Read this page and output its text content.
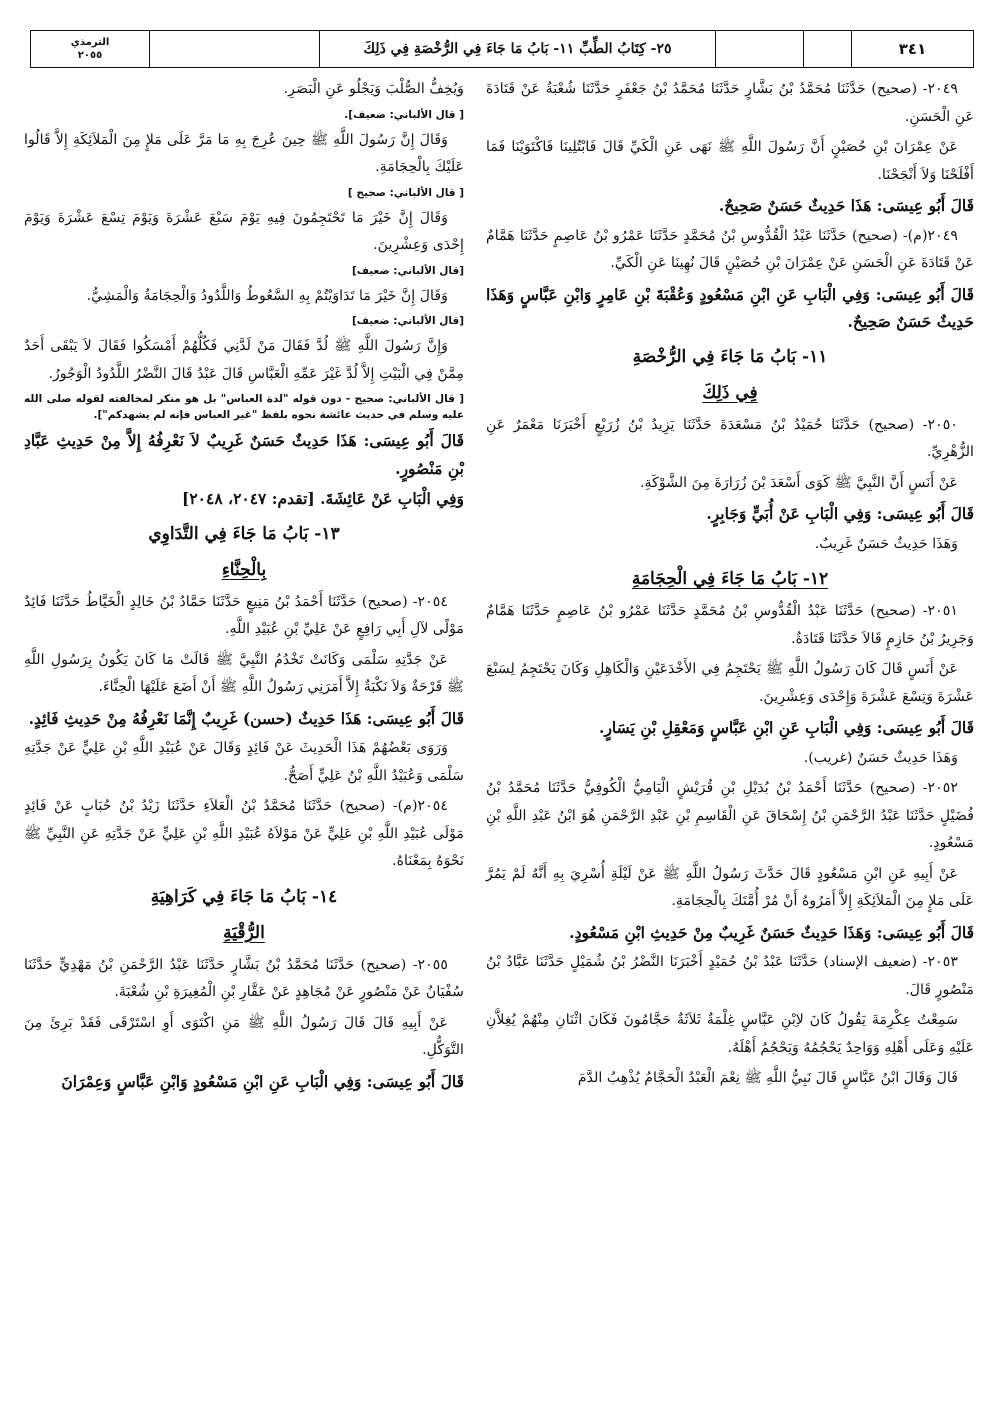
٣٤١
٢٥- كِتَابُ الطِّبِّ ١١- بَابُ مَا جَاءَ فِي الرُّخْصَةِ فِي ذَلِكَ
الترمذي
٢٠٥٥

٢٠٤٩- (صحيح) حَدَّثَنَا مُحَمَّدُ بْنُ بَشَّارٍ حَدَّثَنَا مُحَمَّدُ بْنُ جَعْفَرٍ حَدَّثَنَا شُعْبَةُ عَنْ قَتَادَةَ عَنِ الْحَسَنِ.

عَنْ عِمْرَانَ بْنِ حُصَيْنٍ أَنَّ رَسُولَ اللَّهِ ﷺ نَهَى عَنِ الْكَيِّ قَالَ فَابْتُلِينَا فَاكْتَوَيْنَا فَمَا أَفْلَحْنَا وَلاَ أَنْجَحْنَا.

قَالَ أَبُو عِيسَى: هَذَا حَدِيثٌ حَسَنٌ صَحِيحٌ.

٢٠٤٩(م)- (صحيح) حَدَّثَنَا عَبْدُ الْقُدُّوسِ بْنُ مُحَمَّدٍ حَدَّثَنَا عَمْرُو بْنُ عَاصِمٍ حَدَّثَنَا هَمَّامٌ عَنْ قَتَادَةَ عَنِ الْحَسَنِ عَنْ عِمْرَانَ بْنِ حُصَيْنٍ قَالَ نُهِينَا عَنِ الْكَيِّ.

قَالَ أَبُو عِيسَى: وَفِي الْبَابِ عَنِ ابْنِ مَسْعُودٍ وَعُقْبَةَ بْنِ عَامِرٍ وَابْنِ عَبَّاسٍ وَهَذَا حَدِيثٌ حَسَنٌ صَحِيحٌ.

١١- بَابُ مَا جَاءَ فِي الرُّخْصَةِ

فِي ذَلِكَ

٢٠٥٠- (صحيح) حَدَّثَنَا حُمَيْدُ بْنُ مَسْعَدَةَ حَدَّثَنَا يَزِيدُ بْنُ زُرَيْعٍ أَخْبَرَنَا مَعْمَرٌ عَنِ الزُّهْرِيِّ.

عَنْ أَنَسٍ أَنَّ النَّبِيَّ ﷺ كَوَى أَسْعَدَ بْنَ زُرَارَةَ مِنَ الشَّوْكَةِ.

قَالَ أَبُو عِيسَى: وَفِي الْبَابِ عَنْ أُبَيٍّ وَجَابِرٍ.

وَهَذَا حَدِيثٌ حَسَنٌ غَرِيبٌ.

١٢- بَابُ مَا جَاءَ فِي الْحِجَامَةِ

٢٠٥١- (صحيح) حَدَّثَنَا عَبْدُ الْقُدُّوسِ بْنُ مُحَمَّدٍ حَدَّثَنَا عَمْرُو بْنُ عَاصِمٍ حَدَّثَنَا هَمَّامٌ وَجَرِيرُ بْنُ حَازِمٍ قَالاَ حَدَّثَنَا قَتَادَةُ.

عَنْ أَنَسٍ قَالَ كَانَ رَسُولُ اللَّهِ ﷺ يَحْتَجِمُ فِي الأَخْدَعَيْنِ وَالْكَاهِلِ وَكَانَ يَحْتَجِمُ لِسَبْعَ عَشْرَةَ وَتِسْعَ عَشْرَةَ وَإِحْدَى وَعِشْرِينَ.

قَالَ أَبُو عِيسَى: وَفِي الْبَابِ عَنِ ابْنِ عَبَّاسٍ وَمَعْقِلِ بْنِ يَسَارٍ.

وَهَذَا حَدِيثٌ حَسَنٌ (غريب).

٢٠٥٢- (صحيح) حَدَّثَنَا أَحْمَدُ بْنُ بُدَيْلِ بْنِ قُرَيْشٍ الْيَامِيُّ الْكُوفِيُّ حَدَّثَنَا مُحَمَّدُ بْنُ فُضَيْلٍ حَدَّثَنَا عَبْدُ الرَّحْمَنِ بْنُ إِسْحَاقَ عَنِ الْقَاسِمِ بْنِ عَبْدِ الرَّحْمَنِ هُوَ ابْنُ عَبْدِ اللَّهِ بْنِ مَسْعُودٍ.

عَنْ أَبِيهِ عَنِ ابْنِ مَسْعُودٍ قَالَ حَدَّثَ رَسُولُ اللَّهِ ﷺ عَنْ لَيْلَةِ أُسْرِيَ بِهِ أَنَّهُ لَمْ يَمُرَّ عَلَى مَلإٍ مِنَ الْمَلاَئِكَةِ إِلاَّ أَمَرُوهُ أَنْ مُرْ أُمَّتَكَ بِالْحِجَامَةِ.

قَالَ أَبُو عِيسَى: وَهَذَا حَدِيثٌ حَسَنٌ غَرِيبٌ مِنْ حَدِيثِ ابْنِ مَسْعُودٍ.

٢٠٥٣- (ضعيف الإسناد) حَدَّثَنَا عَبْدُ بْنُ حُمَيْدٍ أَخْبَرَنَا النَّضْرُ بْنُ شُمَيْلٍ حَدَّثَنَا عَبَّادُ بْنُ مَنْصُورٍ قَالَ.

سَمِعْتُ عِكْرِمَةَ يَقُولُ كَانَ لاِبْنِ عَبَّاسٍ غِلْمَةٌ ثَلاَثَةٌ حَجَّامُونَ فَكَانَ اثْنَانِ مِنْهُمْ يُغِلاَّنِ عَلَيْهِ وَعَلَى أَهْلِهِ وَوَاحِدٌ يَحْجُمُهُ وَيَحْجُمُ أَهْلَهُ.

قَالَ وَقَالَ ابْنُ عَبَّاسٍ قَالَ نَبِيُّ اللَّهِ ﷺ نِعْمَ الْعَبْدُ الْحَجَّامُ يُذْهِبُ الدَّمَ

وَيُخِفُّ الصُّلْبَ وَيَجْلُو عَنِ الْبَصَرِ.

[ قال الألباني: ضعيف].

وَقَالَ إِنَّ رَسُولَ اللَّهِ ﷺ حِينَ عُرِجَ بِهِ مَا مَرَّ عَلَى مَلإٍ مِنَ الْمَلاَئِكَةِ إِلاَّ قَالُوا عَلَيْكَ بِالْحِجَامَةِ.

[ قال الألباني: صحيح ]

وَقَالَ إِنَّ خَيْرَ مَا تَحْتَجِمُونَ فِيهِ يَوْمَ سَبْعَ عَشْرَةَ وَيَوْمَ تِسْعَ عَشْرَةَ وَيَوْمَ إِحْدَى وَعِشْرِينَ.

[قال الألباني: ضعيف]

وَقَالَ إِنَّ خَيْرَ مَا تَدَاوَيْتُمْ بِهِ السَّعُوطُ وَاللَّدُودُ وَالْحِجَامَةُ وَالْمَشِيُّ.

[قال الألباني: ضعيف]

وَإِنَّ رَسُولَ اللَّهِ ﷺ لُدَّ فَقَالَ مَنْ لَدَّنِي فَكُلُّهُمْ أَمْسَكُوا فَقَالَ لاَ يَبْقَى أَحَدٌ مِمَّنْ فِي الْبَيْتِ إِلاَّ لُدَّ غَيْرَ عَمِّهِ الْعَبَّاسِ قَالَ عَبْدٌ قَالَ النَّضْرُ اللَّدُودُ الْوَجُورُ.

[ قال الألباني: صحيح - دون قوله "لدة العباس" بل هو منكر لمخالفته لقوله صلى الله عليه وسلم في حديث عائشة نحوه بلفظ "غير العباس فإنه لم يشهدكم"].

قَالَ أَبُو عِيسَى: هَذَا حَدِيثٌ حَسَنٌ غَرِيبٌ لاَ نَعْرِفُهُ إِلاَّ مِنْ حَدِيثِ عَبَّادِ بْنِ مَنْصُورٍ.

وَفِي الْبَابِ عَنْ عَائِشَةَ. [تقدم: ٢٠٤٧، ٢٠٤٨]

١٣- بَابُ مَا جَاءَ فِي التَّدَاوِي

بِالْحِنَّاءِ

٢٠٥٤- (صحيح) حَدَّثَنَا أَحْمَدُ بْنُ مَنِيعٍ حَدَّثَنَا حَمَّادُ بْنُ خَالِدٍ الْخَيَّاطُ حَدَّثَنَا فَائِدٌ مَوْلًى لآلِ أَبِي رَافِعٍ عَنْ عَلِيِّ بْنِ عُبَيْدِ اللَّهِ.

عَنْ جَدَّتِهِ سَلْمَى وَكَانَتْ تَخْدُمُ النَّبِيَّ ﷺ قَالَتْ مَا كَانَ يَكُونُ بِرَسُولِ اللَّهِ ﷺ قَرْحَةٌ وَلاَ نَكْبَةٌ إِلاَّ أَمَرَنِي رَسُولُ اللَّهِ ﷺ أَنْ أَضَعَ عَلَيْهَا الْحِنَّاءَ.

قَالَ أَبُو عِيسَى: هَذَا حَدِيثٌ (حسن) غَرِيبٌ إِنَّمَا نَعْرِفُهُ مِنْ حَدِيثِ فَائِدٍ.

وَرَوَى بَعْضُهُمْ هَذَا الْحَدِيثَ عَنْ فَائِدٍ وَقَالَ عَنْ عُبَيْدِ اللَّهِ بْنِ عَلِيٍّ عَنْ جَدَّتِهِ سَلْمَى وَعُبَيْدُ اللَّهِ بْنُ عَلِيٍّ أَصَحُّ.

٢٠٥٤(م)- (صحيح) حَدَّثَنَا مُحَمَّدُ بْنُ الْعَلاَءِ حَدَّثَنَا زَيْدُ بْنُ حُبَابٍ عَنْ فَائِدٍ مَوْلَى عُبَيْدِ اللَّهِ بْنِ عَلِيٍّ عَنْ مَوْلاَهُ عُبَيْدِ اللَّهِ بْنِ عَلِيٍّ عَنْ جَدَّتِهِ عَنِ النَّبِيِّ ﷺ نَحْوَهُ بِمَعْنَاهُ.

١٤- بَابُ مَا جَاءَ فِي كَرَاهِيَةِ

الرُّقْيَةِ

٢٠٥٥- (صحيح) حَدَّثَنَا مُحَمَّدُ بْنُ بَشَّارٍ حَدَّثَنَا عَبْدُ الرَّحْمَنِ بْنُ مَهْدِيٍّ حَدَّثَنَا سُفْيَانُ عَنْ مَنْصُورٍ عَنْ مُجَاهِدٍ عَنْ عَقَّارِ بْنِ الْمُغِيرَةِ بْنِ شُعْبَةَ.

عَنْ أَبِيهِ قَالَ قَالَ رَسُولُ اللَّهِ ﷺ مَنِ اكْتَوَى أَوِ اسْتَرْقَى فَقَدْ بَرِئَ مِنَ التَّوَكُّلِ.

قَالَ أَبُو عِيسَى: وَفِي الْبَابِ عَنِ ابْنِ مَسْعُودٍ وَابْنِ عَبَّاسٍ وَعِمْرَانَ
